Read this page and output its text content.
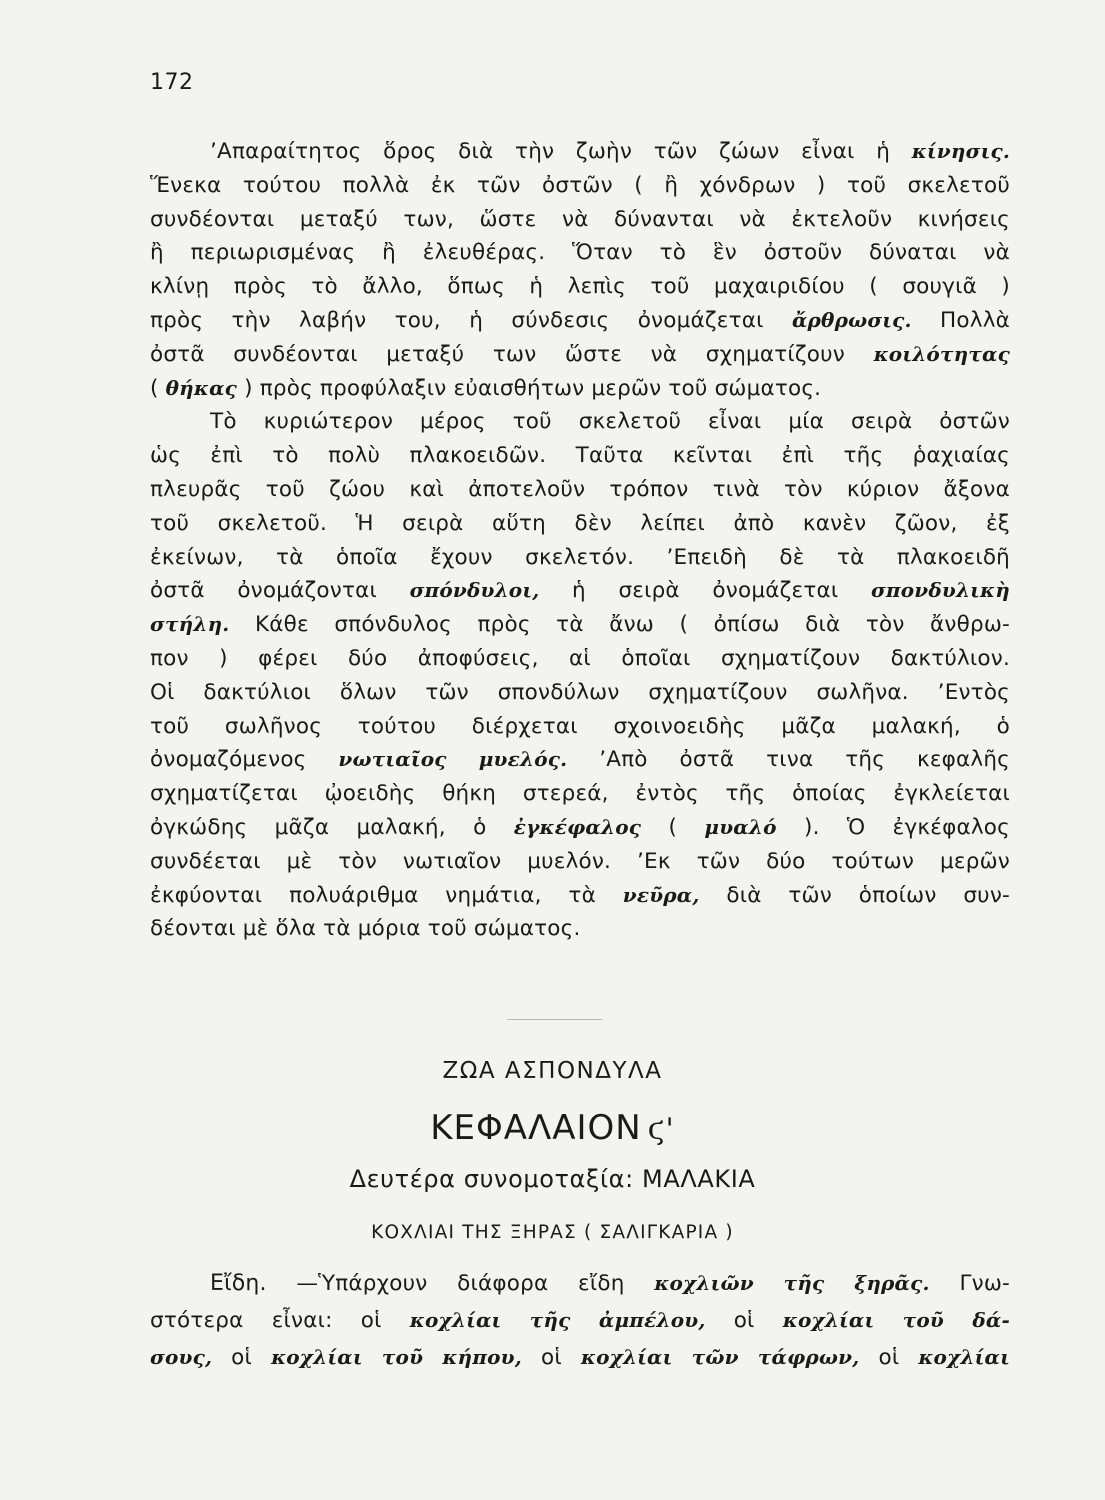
172
’Απαραίτητος ὅρος διὰ τὴν ζωὴν τῶν ζώων εἶναι ἡ κίνησις.
Ἕνεκα τούτου πολλὰ ἐκ τῶν ὀστῶν ( ἢ χόνδρων ) τοῦ σκελετοῦ
συνδέονται μεταξύ των, ὥστε νὰ δύνανται νὰ ἐκτελοῦν κινήσεις
ἢ περιωρισμένας ἢ ἐλευθέρας. Ὅταν τὸ ἓν ὀστοῦν δύναται νὰ
κλίνῃ πρὸς τὸ ἄλλο, ὅπως ἡ λεπὶς τοῦ μαχαιριδίου ( σουγιᾶ )
πρὸς τὴν λαβήν του, ἡ σύνδεσις ὀνομάζεται ἄρθρωσις. Πολλὰ
ὀστᾶ συνδέονται μεταξύ των ὥστε νὰ σχηματίζουν κοιλότητας
( θήκας ) πρὸς προφύλαξιν εὐαισθήτων μερῶν τοῦ σώματος.
Τὸ κυριώτερον μέρος τοῦ σκελετοῦ εἶναι μία σειρὰ ὀστῶν
ὡς ἐπὶ τὸ πολὺ πλακοειδῶν. Ταῦτα κεῖνται ἐπὶ τῆς ῥαχιαίας
πλευρᾶς τοῦ ζώου καὶ ἀποτελοῦν τρόπον τινὰ τὸν κύριον ἄξονα
τοῦ σκελετοῦ. Ἡ σειρὰ αὕτη δὲν λείπει ἀπὸ κανὲν ζῶον, ἐξ
ἐκείνων, τὰ ὁποῖα ἔχουν σκελετόν. ’Επειδὴ δὲ τὰ πλακοειδῆ
ὀστᾶ ὀνομάζονται σπόνδυλοι, ἡ σειρὰ ὀνομάζεται σπονδυλικὴ
στήλη. Κάθε σπόνδυλος πρὸς τὰ ἄνω ( ὀπίσω διὰ τὸν ἄνθρω-
πον ) φέρει δύο ἀποφύσεις, αἱ ὁποῖαι σχηματίζουν δακτύλιον.
Οἱ δακτύλιοι ὅλων τῶν σπονδύλων σχηματίζουν σωλῆνα. ’Εντὸς
τοῦ σωλῆνος τούτου διέρχεται σχοινοειδὴς μᾶζα μαλακή, ὁ
ὀνομαζόμενος νωτιαῖος μυελός. ’Απὸ ὀστᾶ τινα τῆς κεφαλῆς
σχηματίζεται ᾠοειδὴς θήκη στερεά, ἐντὸς τῆς ὁποίας ἐγκλείεται
ὀγκώδης μᾶζα μαλακή, ὁ ἐγκέφαλος ( μυαλό ). Ὁ ἐγκέφαλος
συνδέεται μὲ τὸν νωτιαῖον μυελόν. ’Εκ τῶν δύο τούτων μερῶν
ἐκφύονται πολυάριθμα νημάτια, τὰ νεῦρα, διὰ τῶν ὁποίων συν-
δέονται μὲ ὅλα τὰ μόρια τοῦ σώματος.
ΖΩΑ ΑΣΠΟΝΔΥΛΑ
ΚΕΦΑΛΑΙΟΝ ϛ'
Δευτέρα συνομοταξία: ΜΑΛΑΚΙΑ
ΚΟΧΛΙΑΙ ΤΗΣ ΞΗΡΑΣ ( ΣΑΛΙΓΚΑΡΙΑ )
Εἴδη. —Ὑπάρχουν διάφορα εἴδη κοχλιῶν τῆς ξηρᾶς. Γνω-
στότερα εἶναι: οἱ κοχλίαι τῆς ἀμπέλου, οἱ κοχλίαι τοῦ δά-
σους, οἱ κοχλίαι τοῦ κήπου, οἱ κοχλίαι τῶν τάφρων, οἱ κοχλίαι
